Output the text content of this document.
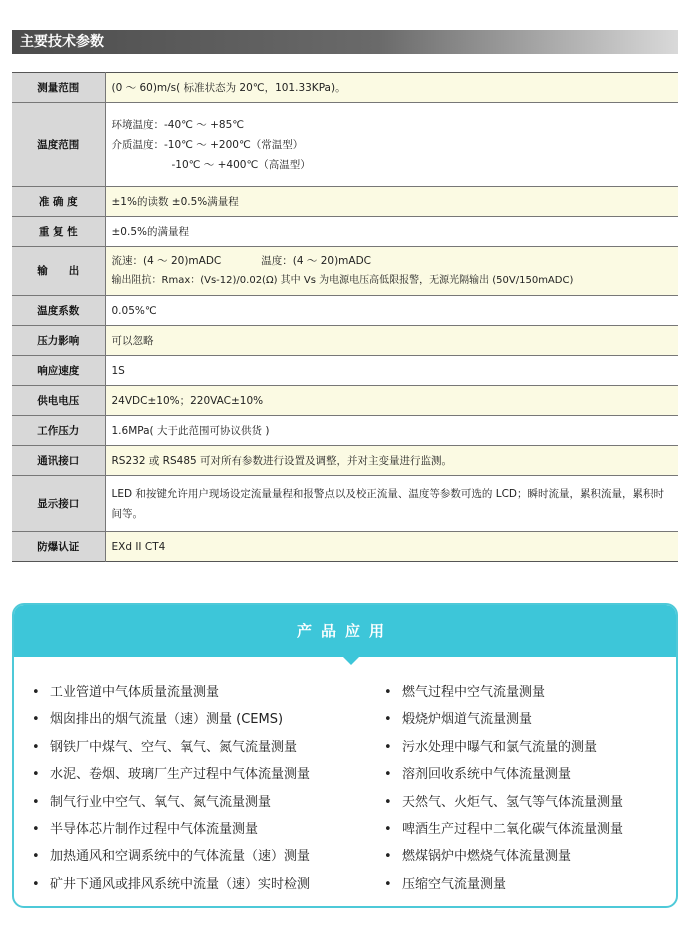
主要技术参数
测量范围	(0 ～ 60)m/s( 标准状态为 20℃，101.33KPa)。
温度范围	环境温度：-40℃ ～ +85℃
介质温度：-10℃ ～ +200℃（常温型）
-10℃ ～ +400℃（高温型）

准 确 度	±1%的读数 ±0.5%满量程
重 复 性	±0.5%的满量程
输　　出	流速：(4 ～ 20)mADC 温度：(4 ～ 20)mADC
输出阻抗：Rmax：(Vs-12)/0.02(Ω) 其中 Vs 为电源电压高低限报警，无源光隔输出 (50V/150mADC)

温度系数	0.05%℃
压力影响	可以忽略
响应速度	1S
供电电压	24VDC±10%；220VAC±10%
工作压力	1.6MPa( 大于此范围可协议供货 )
通讯接口	RS232 或 RS485 可对所有参数进行设置及调整，并对主变量进行监测。
显示接口	LED 和按键允许用户现场设定流量量程和报警点以及校正流量、温度等参数可选的 LCD；瞬时流量，累积流量，累积时间等。
防爆认证	EXd II CT4
产品应用
• 工业管道中气体质量流量测量
• 烟囱排出的烟气流量（速）测量 (CEMS)
• 钢铁厂中煤气、空气、氧气、氮气流量测量
• 水泥、卷烟、玻璃厂生产过程中气体流量测量
• 制气行业中空气、氧气、氮气流量测量
• 半导体芯片制作过程中气体流量测量
• 加热通风和空调系统中的气体流量（速）测量
• 矿井下通风或排风系统中流量（速）实时检测
• 燃气过程中空气流量测量
• 煅烧炉烟道气流量测量
• 污水处理中曝气和氯气流量的测量
• 溶剂回收系统中气体流量测量
• 天然气、火炬气、氢气等气体流量测量
• 啤酒生产过程中二氧化碳气体流量测量
• 燃煤锅炉中燃烧气体流量测量
• 压缩空气流量测量
